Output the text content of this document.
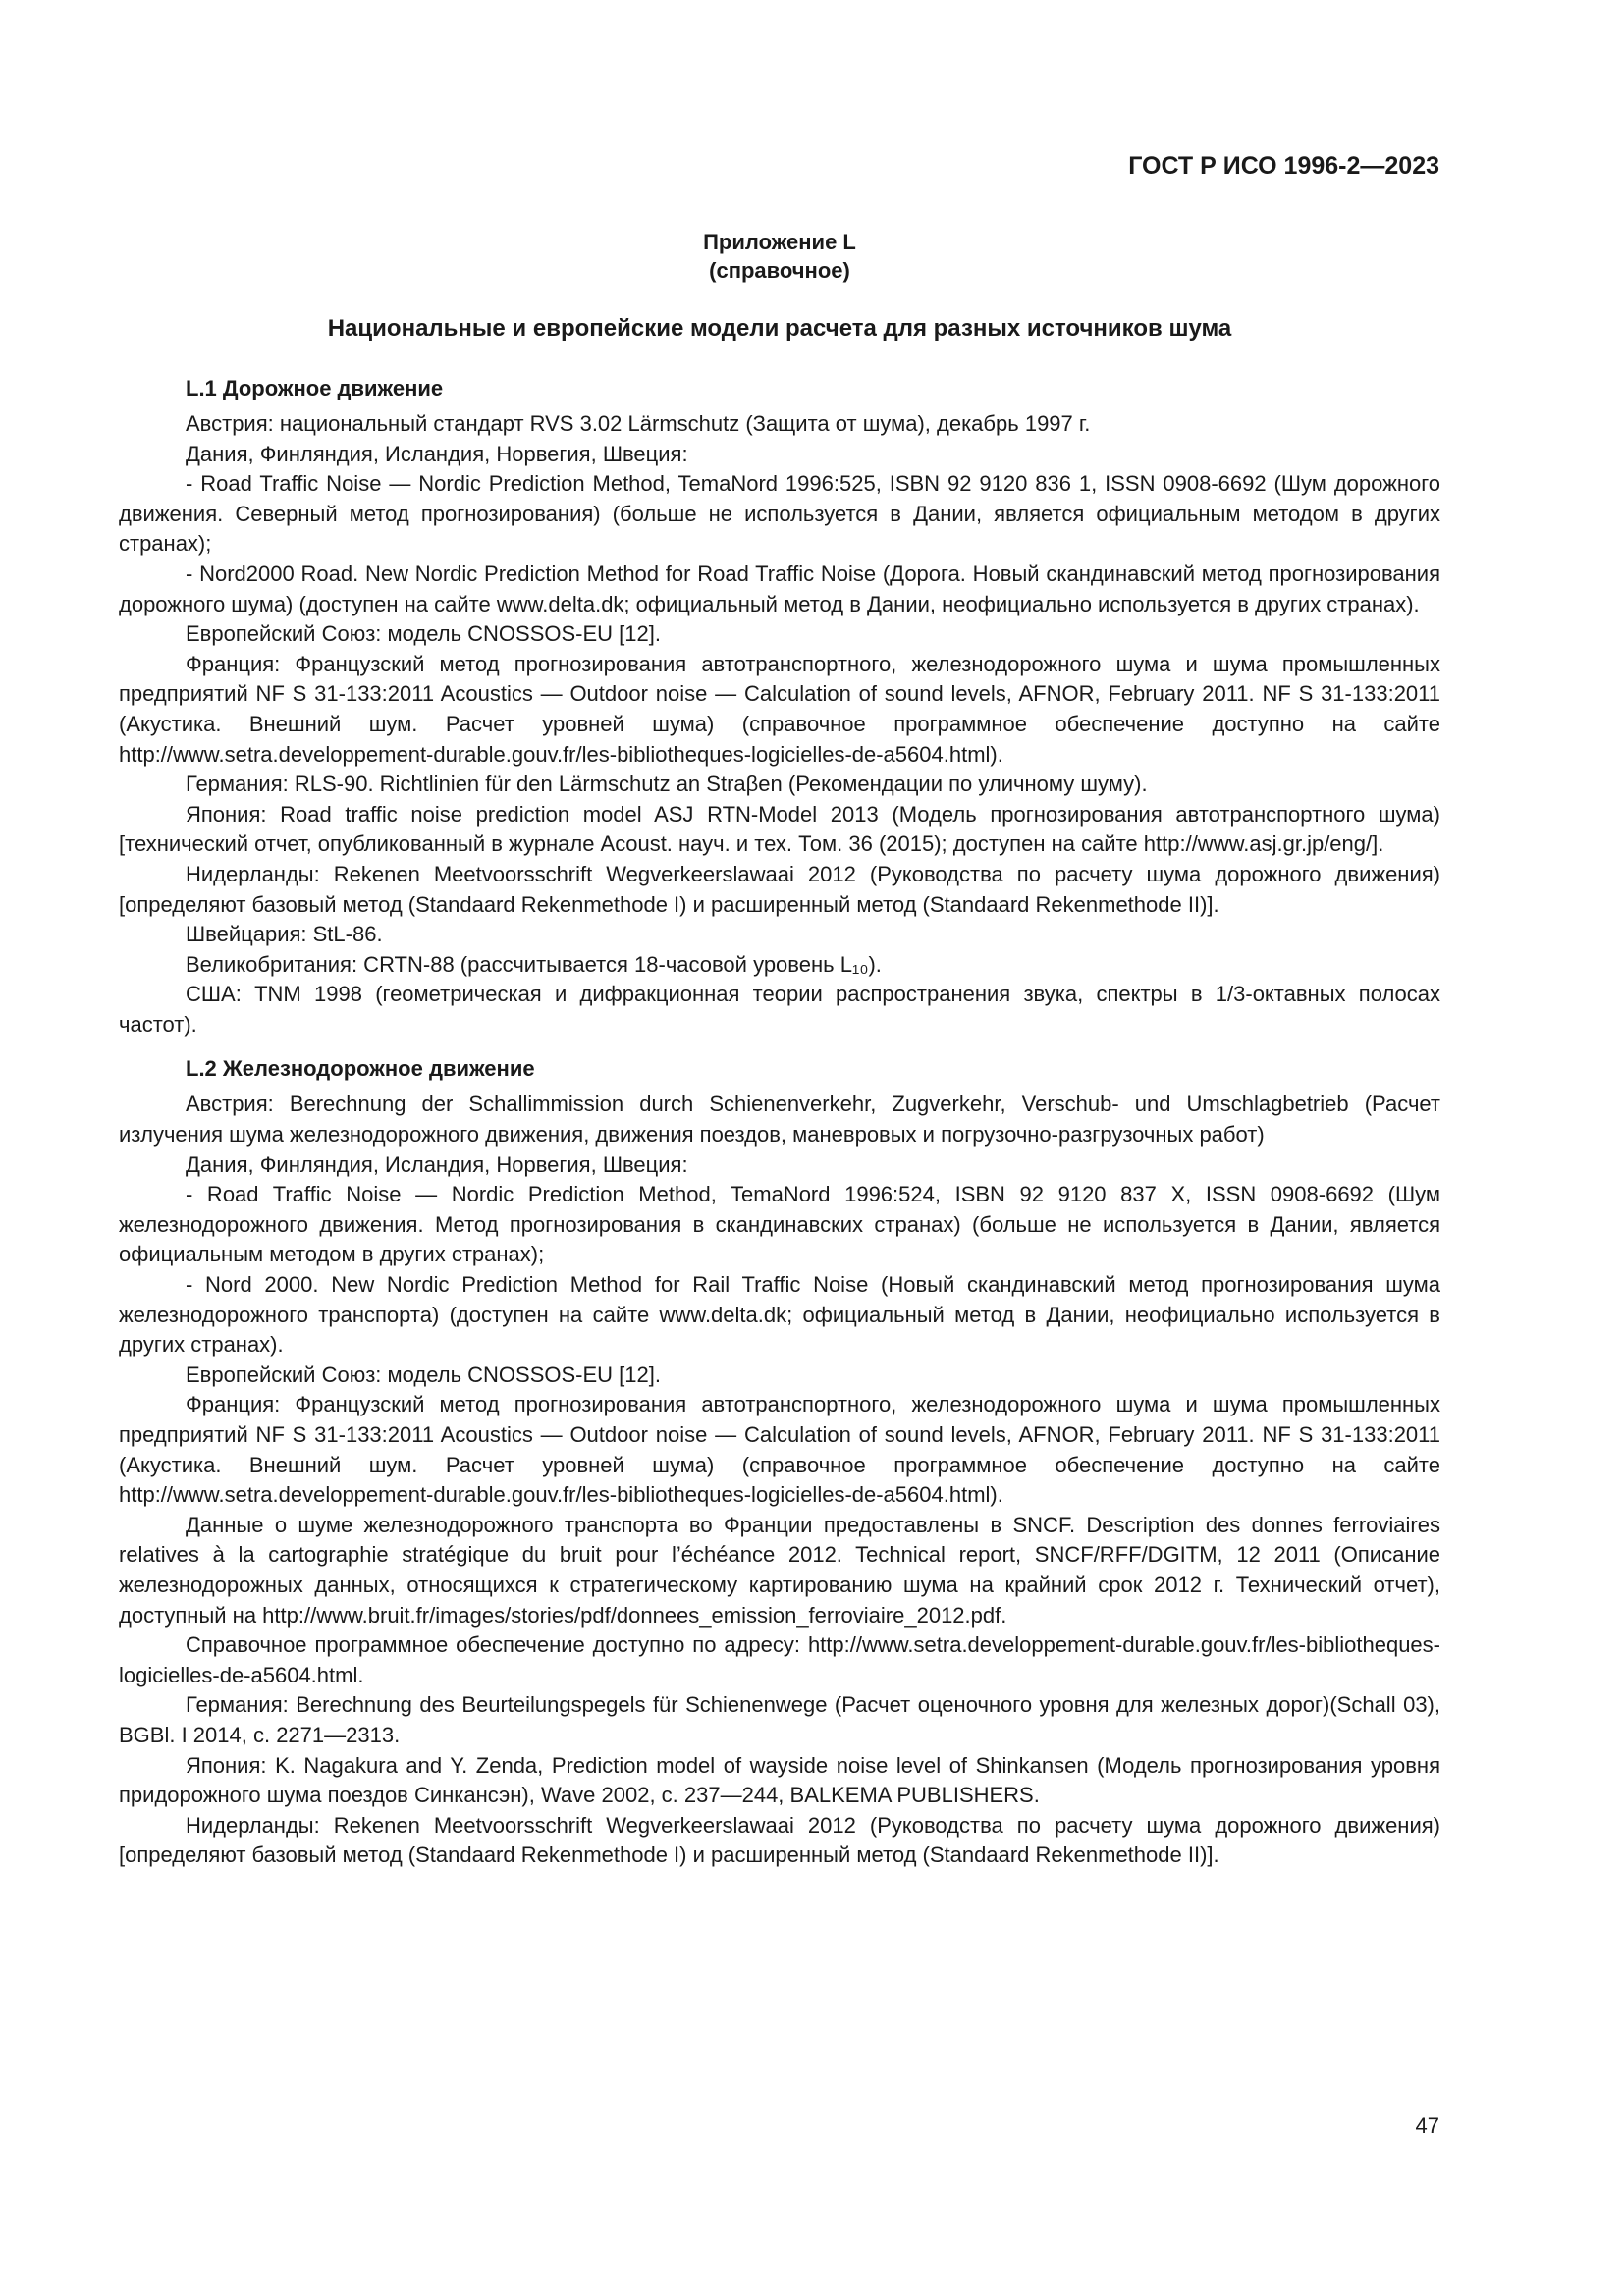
ГОСТ Р ИСО 1996-2—2023
Приложение L
(справочное)
Национальные и европейские модели расчета для разных источников шума
L.1 Дорожное движение

Австрия: национальный стандарт RVS 3.02 Lärmschutz (Защита от шума), декабрь 1997 г.

Дания, Финляндия, Исландия, Норвегия, Швеция:

- Road Traffic Noise — Nordic Prediction Method, TemaNord 1996:525, ISBN 92 9120 836 1, ISSN 0908-6692 (Шум дорожного движения. Северный метод прогнозирования) (больше не используется в Дании, является официальным методом в других странах);

- Nord2000 Road. New Nordic Prediction Method for Road Traffic Noise (Дорога. Новый скандинавский метод прогнозирования дорожного шума) (доступен на сайте www.delta.dk; официальный метод в Дании, неофициально используется в других странах).

Европейский Союз: модель CNOSSOS-EU [12].

Франция: Французский метод прогнозирования автотранспортного, железнодорожного шума и шума промышленных предприятий NF S 31-133:2011 Acoustics — Outdoor noise — Calculation of sound levels, AFNOR, February 2011. NF S 31-133:2011 (Акустика. Внешний шум. Расчет уровней шума) (справочное программное обеспечение доступно на сайте http://www.setra.developpement-durable.gouv.fr/les-bibliotheques-logicielles-de-a5604.html).

Германия: RLS-90. Richtlinien für den Lärmschutz an Straβen (Рекомендации по уличному шуму).

Япония: Road traffic noise prediction model ASJ RTN-Model 2013 (Модель прогнозирования автотранспортного шума) [технический отчет, опубликованный в журнале Acoust. науч. и тех. Том. 36 (2015); доступен на сайте http://www.asj.gr.jp/eng/].

Нидерланды: Rekenen Meetvoorsschrift Wegverkeerslawaai 2012 (Руководства по расчету шума дорожного движения) [определяют базовый метод (Standaard Rekenmethode I) и расширенный метод (Standaard Rekenmethode II)].

Швейцария: StL-86.

Великобритания: CRTN-88 (рассчитывается 18-часовой уровень L₁₀).

США: TNM 1998 (геометрическая и дифракционная теории распространения звука, спектры в 1/3-октавных полосах частот).

L.2 Железнодорожное движение

Австрия: Berechnung der Schallimmission durch Schienenverkehr, Zugverkehr, Verschub- und Umschlagbetrieb (Расчет излучения шума железнодорожного движения, движения поездов, маневровых и погрузочно-разгрузочных работ)

Дания, Финляндия, Исландия, Норвегия, Швеция:

- Road Traffic Noise — Nordic Prediction Method, TemaNord 1996:524, ISBN 92 9120 837 X, ISSN 0908-6692 (Шум железнодорожного движения. Метод прогнозирования в скандинавских странах) (больше не используется в Дании, является официальным методом в других странах);

- Nord 2000. New Nordic Prediction Method for Rail Traffic Noise (Новый скандинавский метод прогнозирования шума железнодорожного транспорта) (доступен на сайте www.delta.dk; официальный метод в Дании, неофициально используется в других странах).

Европейский Союз: модель CNOSSOS-EU [12].

Франция: Французский метод прогнозирования автотранспортного, железнодорожного шума и шума промышленных предприятий NF S 31-133:2011 Acoustics — Outdoor noise — Calculation of sound levels, AFNOR, February 2011. NF S 31-133:2011 (Акустика. Внешний шум. Расчет уровней шума) (справочное программное обеспечение доступно на сайте http://www.setra.developpement-durable.gouv.fr/les-bibliotheques-logicielles-de-a5604.html).

Данные о шуме железнодорожного транспорта во Франции предоставлены в SNCF. Description des donnes ferroviaires relatives à la cartographie stratégique du bruit pour l’échéance 2012. Technical report, SNCF/RFF/DGITM, 12 2011 (Описание железнодорожных данных, относящихся к стратегическому картированию шума на крайний срок 2012 г. Технический отчет), доступный на http://www.bruit.fr/images/stories/pdf/donnees_emission_ferroviaire_2012.pdf.

Справочное программное обеспечение доступно по адресу: http://www.setra.developpement-durable.gouv.fr/les-bibliotheques-logicielles-de-a5604.html.

Германия: Berechnung des Beurteilungspegels für Schienenwege (Расчет оценочного уровня для железных дорог)(Schall 03), BGBl. I 2014, с. 2271—2313.

Япония: K. Nagakura and Y. Zenda, Prediction model of wayside noise level of Shinkansen (Модель прогнозирования уровня придорожного шума поездов Синкансэн), Wave 2002, с. 237—244, BALKEMA PUBLISHERS.

Нидерланды: Rekenen Meetvoorsschrift Wegverkeerslawaai 2012 (Руководства по расчету шума дорожного движения) [определяют базовый метод (Standaard Rekenmethode I) и расширенный метод (Standaard Rekenmethode II)].

47
